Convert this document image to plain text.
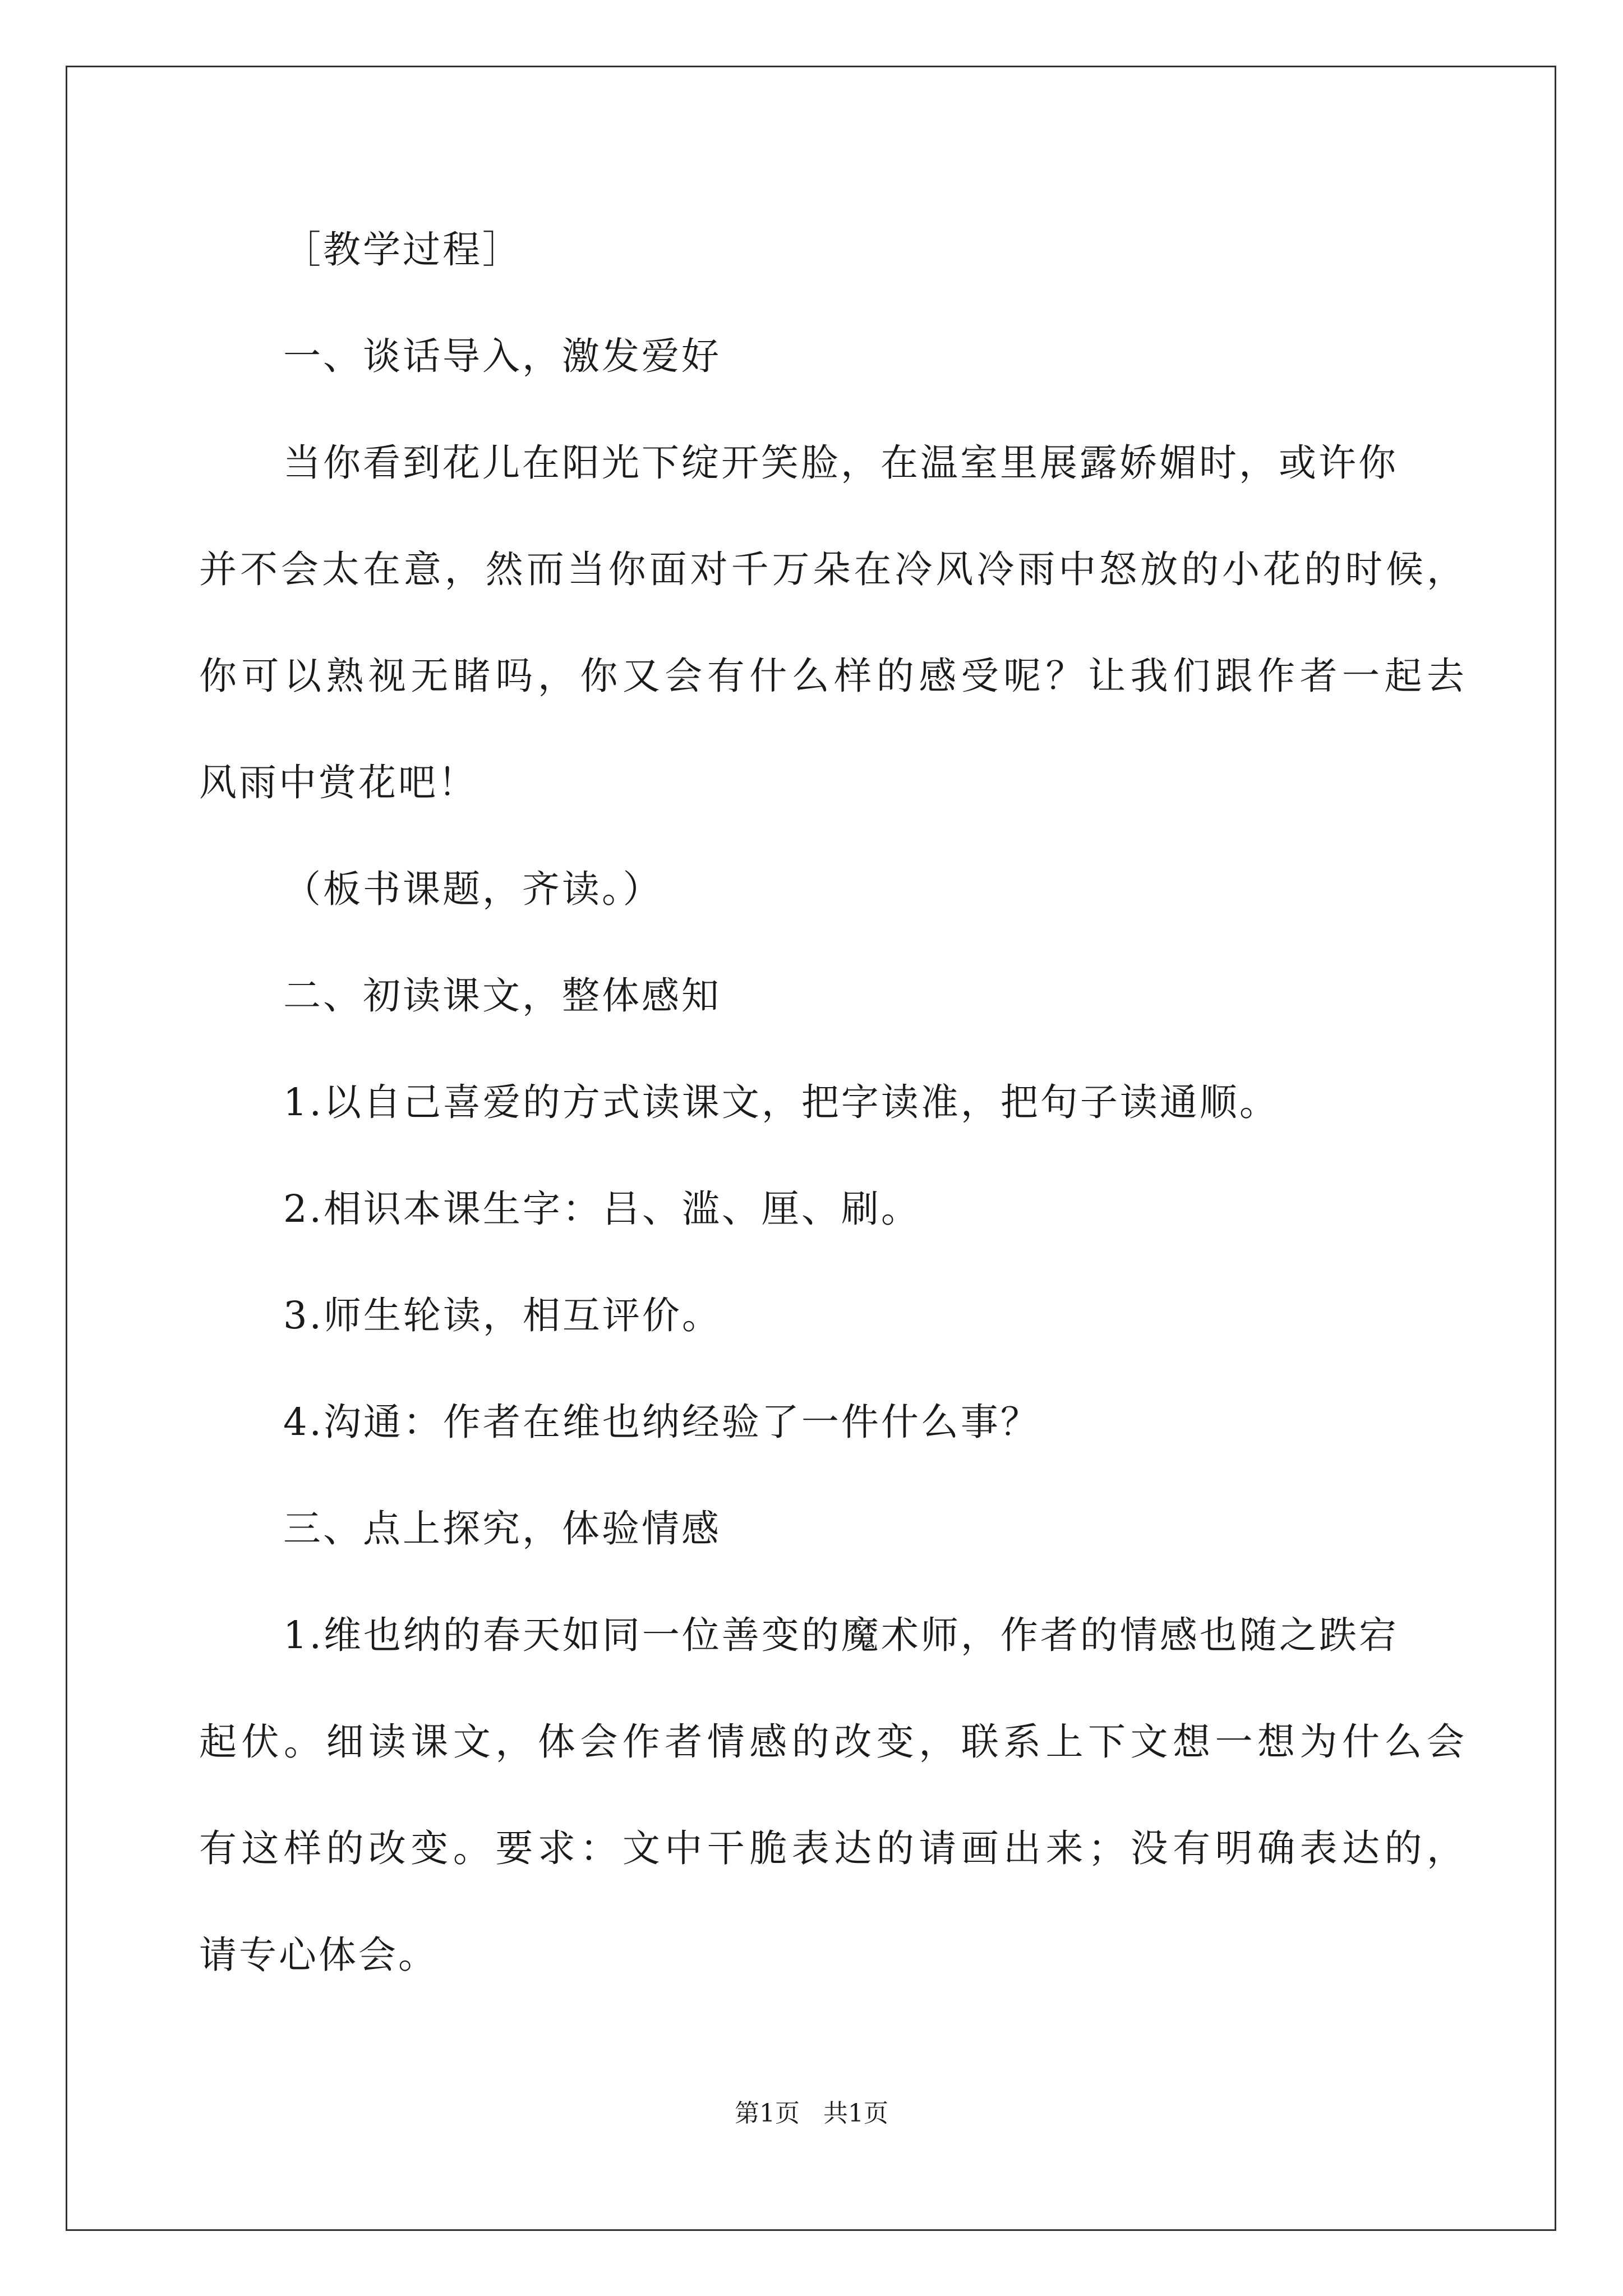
［教学过程］
一、谈话导入，激发爱好
当你看到花儿在阳光下绽开笑脸，在温室里展露娇媚时，或许你
并不会太在意，然而当你面对千万朵在冷风冷雨中怒放的小花的时候，
你可以熟视无睹吗，你又会有什么样的感受呢？让我们跟作者一起去
风雨中赏花吧！
（板书课题，齐读。）
二、初读课文，整体感知
1.以自己喜爱的方式读课文，把字读准，把句子读通顺。
2.相识本课生字：吕、滥、厘、刷。
3.师生轮读，相互评价。
4.沟通：作者在维也纳经验了一件什么事？
三、点上探究，体验情感
1.维也纳的春天如同一位善变的魔术师，作者的情感也随之跌宕
起伏。细读课文，体会作者情感的改变，联系上下文想一想为什么会
有这样的改变。要求：文中干脆表达的请画出来；没有明确表达的，
请专心体会。
第1页   共1页
